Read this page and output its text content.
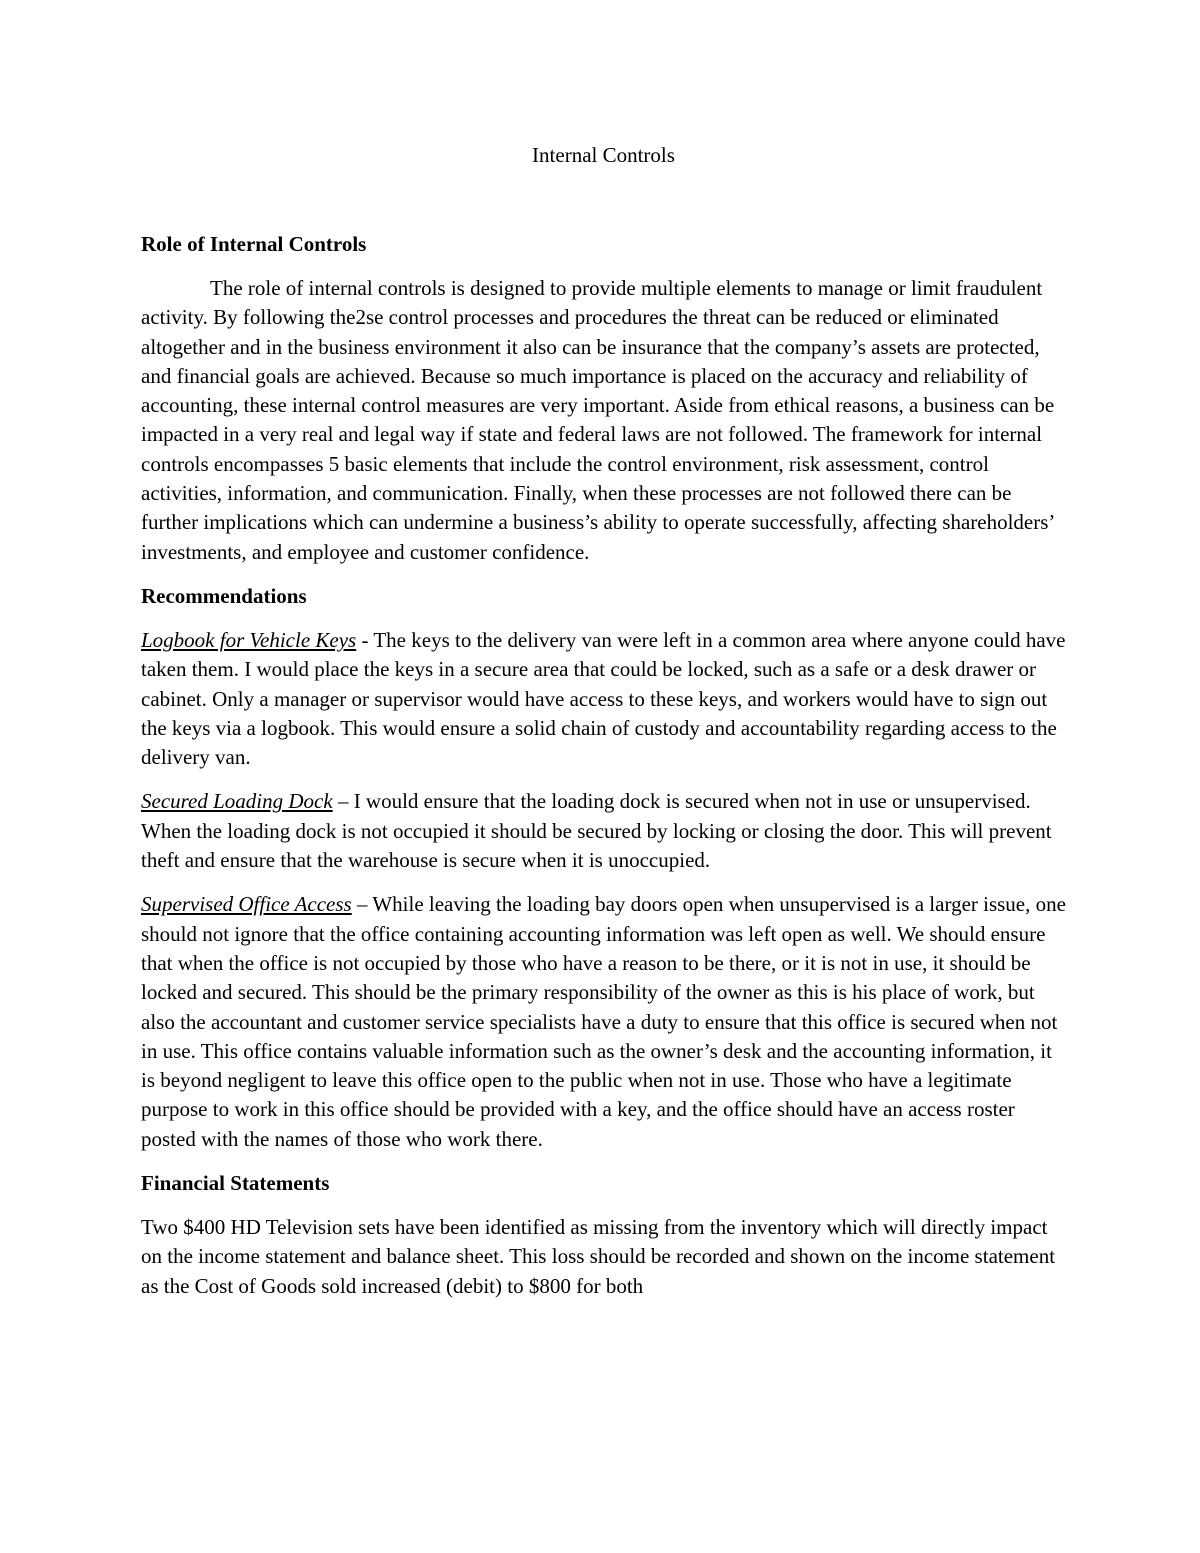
Internal Controls

Role of Internal Controls

The role of internal controls is designed to provide multiple elements to manage or limit fraudulent activity. By following the2se control processes and procedures the threat can be reduced or eliminated altogether and in the business environment it also can be insurance that the company’s assets are protected, and financial goals are achieved. Because so much importance is placed on the accuracy and reliability of accounting, these internal control measures are very important. Aside from ethical reasons, a business can be impacted in a very real and legal way if state and federal laws are not followed. The framework for internal controls encompasses 5 basic elements that include the control environment, risk assessment, control activities, information, and communication. Finally, when these processes are not followed there can be further implications which can undermine a business’s ability to operate successfully, affecting shareholders’ investments, and employee and customer confidence.

Recommendations

Logbook for Vehicle Keys - The keys to the delivery van were left in a common area where anyone could have taken them. I would place the keys in a secure area that could be locked, such as a safe or a desk drawer or cabinet. Only a manager or supervisor would have access to these keys, and workers would have to sign out the keys via a logbook. This would ensure a solid chain of custody and accountability regarding access to the delivery van.

Secured Loading Dock – I would ensure that the loading dock is secured when not in use or unsupervised. When the loading dock is not occupied it should be secured by locking or closing the door. This will prevent theft and ensure that the warehouse is secure when it is unoccupied.

Supervised Office Access – While leaving the loading bay doors open when unsupervised is a larger issue, one should not ignore that the office containing accounting information was left open as well. We should ensure that when the office is not occupied by those who have a reason to be there, or it is not in use, it should be locked and secured. This should be the primary responsibility of the owner as this is his place of work, but also the accountant and customer service specialists have a duty to ensure that this office is secured when not in use. This office contains valuable information such as the owner’s desk and the accounting information, it is beyond negligent to leave this office open to the public when not in use. Those who have a legitimate purpose to work in this office should be provided with a key, and the office should have an access roster posted with the names of those who work there.

Financial Statements

Two $400 HD Television sets have been identified as missing from the inventory which will directly impact on the income statement and balance sheet. This loss should be recorded and shown on the income statement as the Cost of Goods sold increased (debit) to $800 for both
